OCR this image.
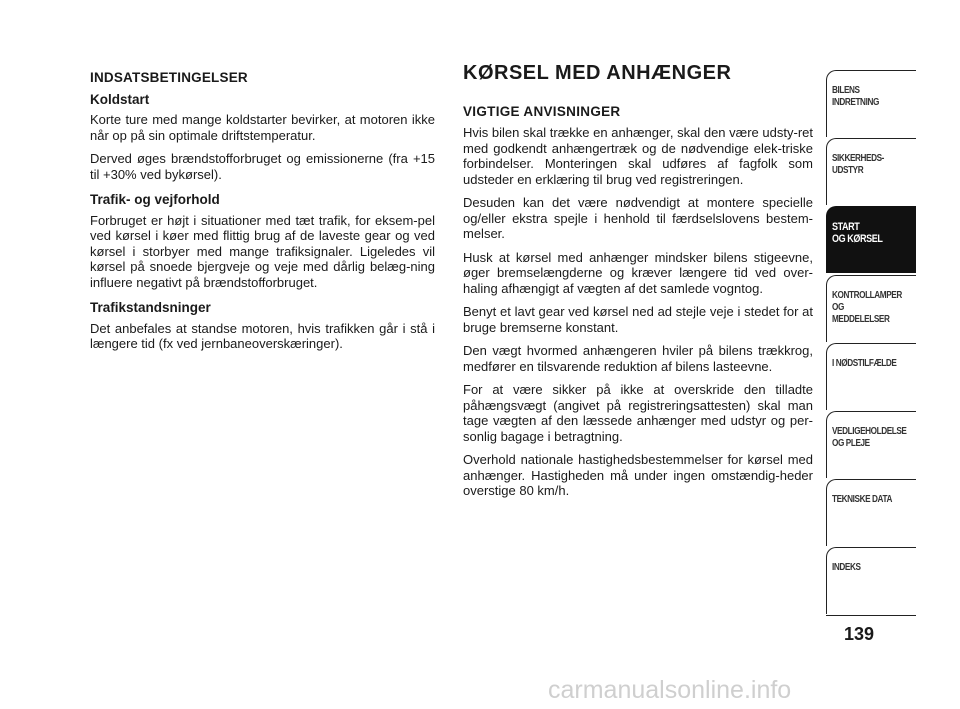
INDSATSBETINGELSER
Koldstart

Korte ture med mange koldstarter bevirker, at motoren ikke når op på sin optimale driftstemperatur.

Derved øges brændstofforbruget og emissionerne (fra +15 til +30% ved bykørsel).

Trafik- og vejforhold

Forbruget er højt i situationer med tæt trafik, for eksem-pel ved kørsel i køer med flittig brug af de laveste gear og ved kørsel i storbyer med mange trafiksignaler. Ligeledes vil kørsel på snoede bjergveje og veje med dårlig belæg-ning influere negativt på brændstofforbruget.

Trafikstandsninger

Det anbefales at standse motoren, hvis trafikken går i stå i længere tid (fx ved jernbaneoverskæringer).

KØRSEL MED ANHÆNGER
VIGTIGE ANVISNINGER

Hvis bilen skal trække en anhænger, skal den være udsty-ret med godkendt anhængertræk og de nødvendige elek-triske forbindelser. Monteringen skal udføres af fagfolk som udsteder en erklæring til brug ved registreringen.

Desuden kan det være nødvendigt at montere specielle og/eller ekstra spejle i henhold til færdselslovens bestem-melser.

Husk at kørsel med anhænger mindsker bilens stigeevne, øger bremselængderne og kræver længere tid ved over-haling afhængigt af vægten af det samlede vogntog.

Benyt et lavt gear ved kørsel ned ad stejle veje i stedet for at bruge bremserne konstant.

Den vægt hvormed anhængeren hviler på bilens trækkrog, medfører en tilsvarende reduktion af bilens lasteevne.

For at være sikker på ikke at overskride den tilladte påhængsvægt (angivet på registreringsattesten) skal man tage vægten af den læssede anhænger med udstyr og per-sonlig bagage i betragtning.

Overhold nationale hastighedsbestemmelser for kørsel med anhænger. Hastigheden må under ingen omstændig-heder overstige 80 km/h.

BILENS
INDRETNING
SIKKERHEDS-
UDSTYR
START
OG KØRSEL
KONTROLLAMPER
OG MEDDELELSER
I NØDSTILFÆLDE
VEDLIGEHOLDELSE
OG PLEJE
TEKNISKE DATA
INDEKS
139
carmanualsonline.info
